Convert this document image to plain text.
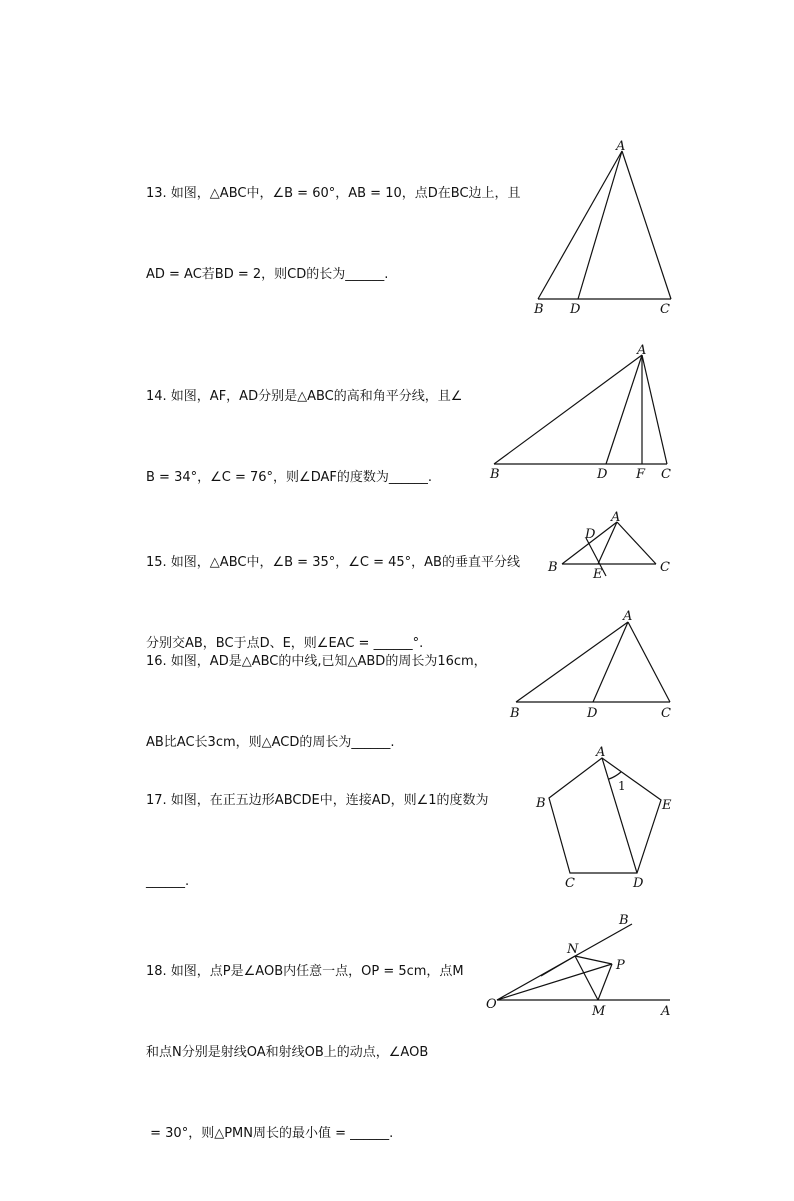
13. 如图，△ABC中，∠B = 60°，AB = 10，点D在BC边上，且

AD = AC若BD = 2，则CD的长为______.

A
B D	C

14. 如图，AF，AD分别是△ABC的高和角平分线，且∠

B = 34°，∠C = 76°，则∠DAF的度数为______.

A
B	D F C

15. 如图，△ABC中，∠B = 35°，∠C = 45°，AB的垂直平分线

分别交AB，BC于点D、E，则∠EAC = ______°.

A
D
B	E	C

16. 如图，AD是△ABC的中线,已知△ABD的周长为16cm，

AB比AC长3cm，则△ACD的周长为______.

A
B	D	C

17. 如图，在正五边形ABCDE中，连接AD，则∠1的度数为

______.

A
B
C	D
E
1

18. 如图，点P是∠AOB内任意一点，OP = 5cm，点M

和点N分别是射线OA和射线OB上的动点，∠AOB

= 30°，则△PMN周长的最小值 = ______.

B
N
P
O	M	A
